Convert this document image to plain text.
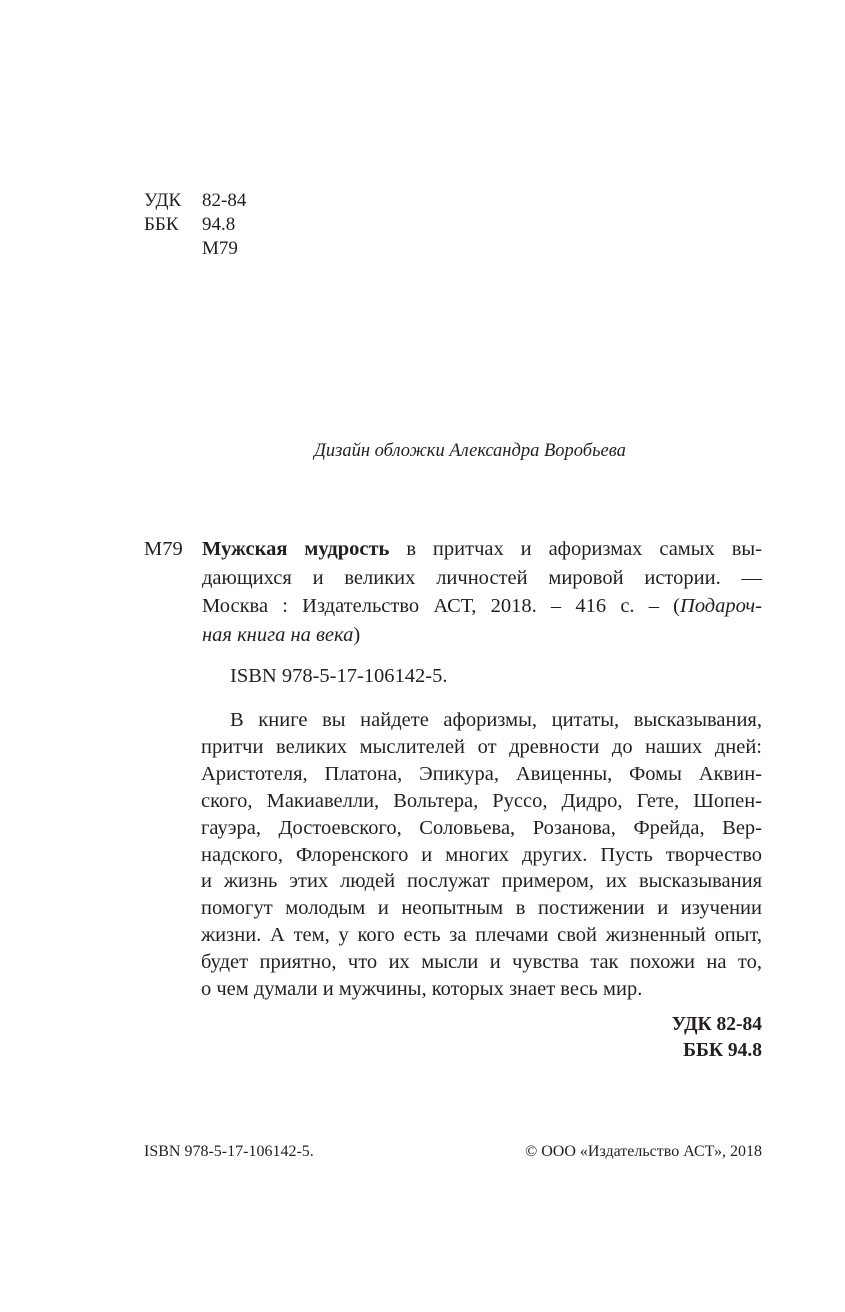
УДК 82-84
ББК 94.8
М79
Дизайн обложки Александра Воробьева
М79 Мужская мудрость в притчах и афоризмах самых вы-
дающихся и великих личностей мировой истории. —
Москва : Издательство АСТ, 2018. – 416 с. – (Подароч-
ная книга на века)
ISBN 978-5-17-106142-5.
В книге вы найдете афоризмы, цитаты, высказывания,
притчи великих мыслителей от древности до наших дней:
Аристотеля, Платона, Эпикура, Авиценны, Фомы Аквин-
ского, Макиавелли, Вольтера, Руссо, Дидро, Гете, Шопен-
гауэра, Достоевского, Соловьева, Розанова, Фрейда, Вер-
надского, Флоренского и многих других. Пусть творчество
и жизнь этих людей послужат примером, их высказывания
помогут молодым и неопытным в постижении и изучении
жизни. А тем, у кого есть за плечами свой жизненный опыт,
будет приятно, что их мысли и чувства так похожи на то,
о чем думали и мужчины, которых знает весь мир.
УДК 82-84
ББК 94.8
ISBN 978-5-17-106142-5.	© ООО «Издательство АСТ», 2018
